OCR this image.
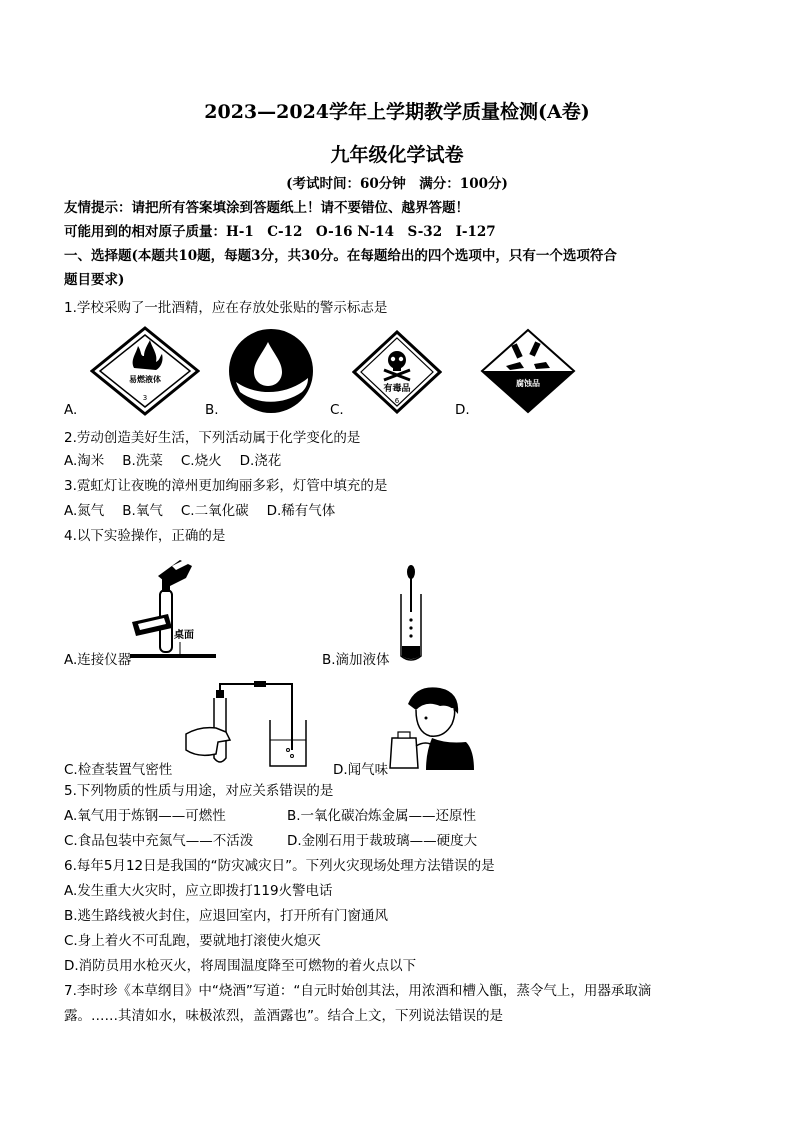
2023—2024学年上学期教学质量检测(A卷)
九年级化学试卷
(考试时间：60分钟　满分：100分)
友情提示：请把所有答案填涂到答题纸上！请不要错位、越界答题！
可能用到的相对原子质量：H-1　C-12　O-16 N-14　S-32　I-127
一、选择题(本题共10题，每题3分，共30分。在每题给出的四个选项中，只有一个选项符合
题目要求)
1.学校采购了一批酒精，应在存放处张贴的警示标志是
易燃液体
3
A.	B.
有毒品
6
C.
腐蚀品
D.
2.劳动创造美好生活，下列活动属于化学变化的是
A.淘米 B.洗菜 C.烧火 D.浇花
3.霓虹灯让夜晚的漳州更加绚丽多彩，灯管中填充的是
A.氮气 B.氧气 C.二氧化碳 D.稀有气体
4.以下实验操作，正确的是
桌面
A.连接仪器	B.滴加液体
C.检查装置气密性	D.闻气味
5.下列物质的性质与用途，对应关系错误的是
A.氧气用于炼钢——可燃性	B.一氧化碳冶炼金属——还原性
C.食品包装中充氮气——不活泼	D.金刚石用于裁玻璃——硬度大
6.每年5月12日是我国的“防灾减灾日”。下列火灾现场处理方法错误的是
A.发生重大火灾时，应立即拨打119火警电话
B.逃生路线被火封住，应退回室内，打开所有门窗通风
C.身上着火不可乱跑，要就地打滚使火熄灭
D.消防员用水枪灭火，将周围温度降至可燃物的着火点以下
7.李时珍《本草纲目》中“烧酒”写道：“自元时始创其法，用浓酒和槽入甑，蒸令气上，用器承取滴
露。……其清如水，味极浓烈，盖酒露也”。结合上文，下列说法错误的是
